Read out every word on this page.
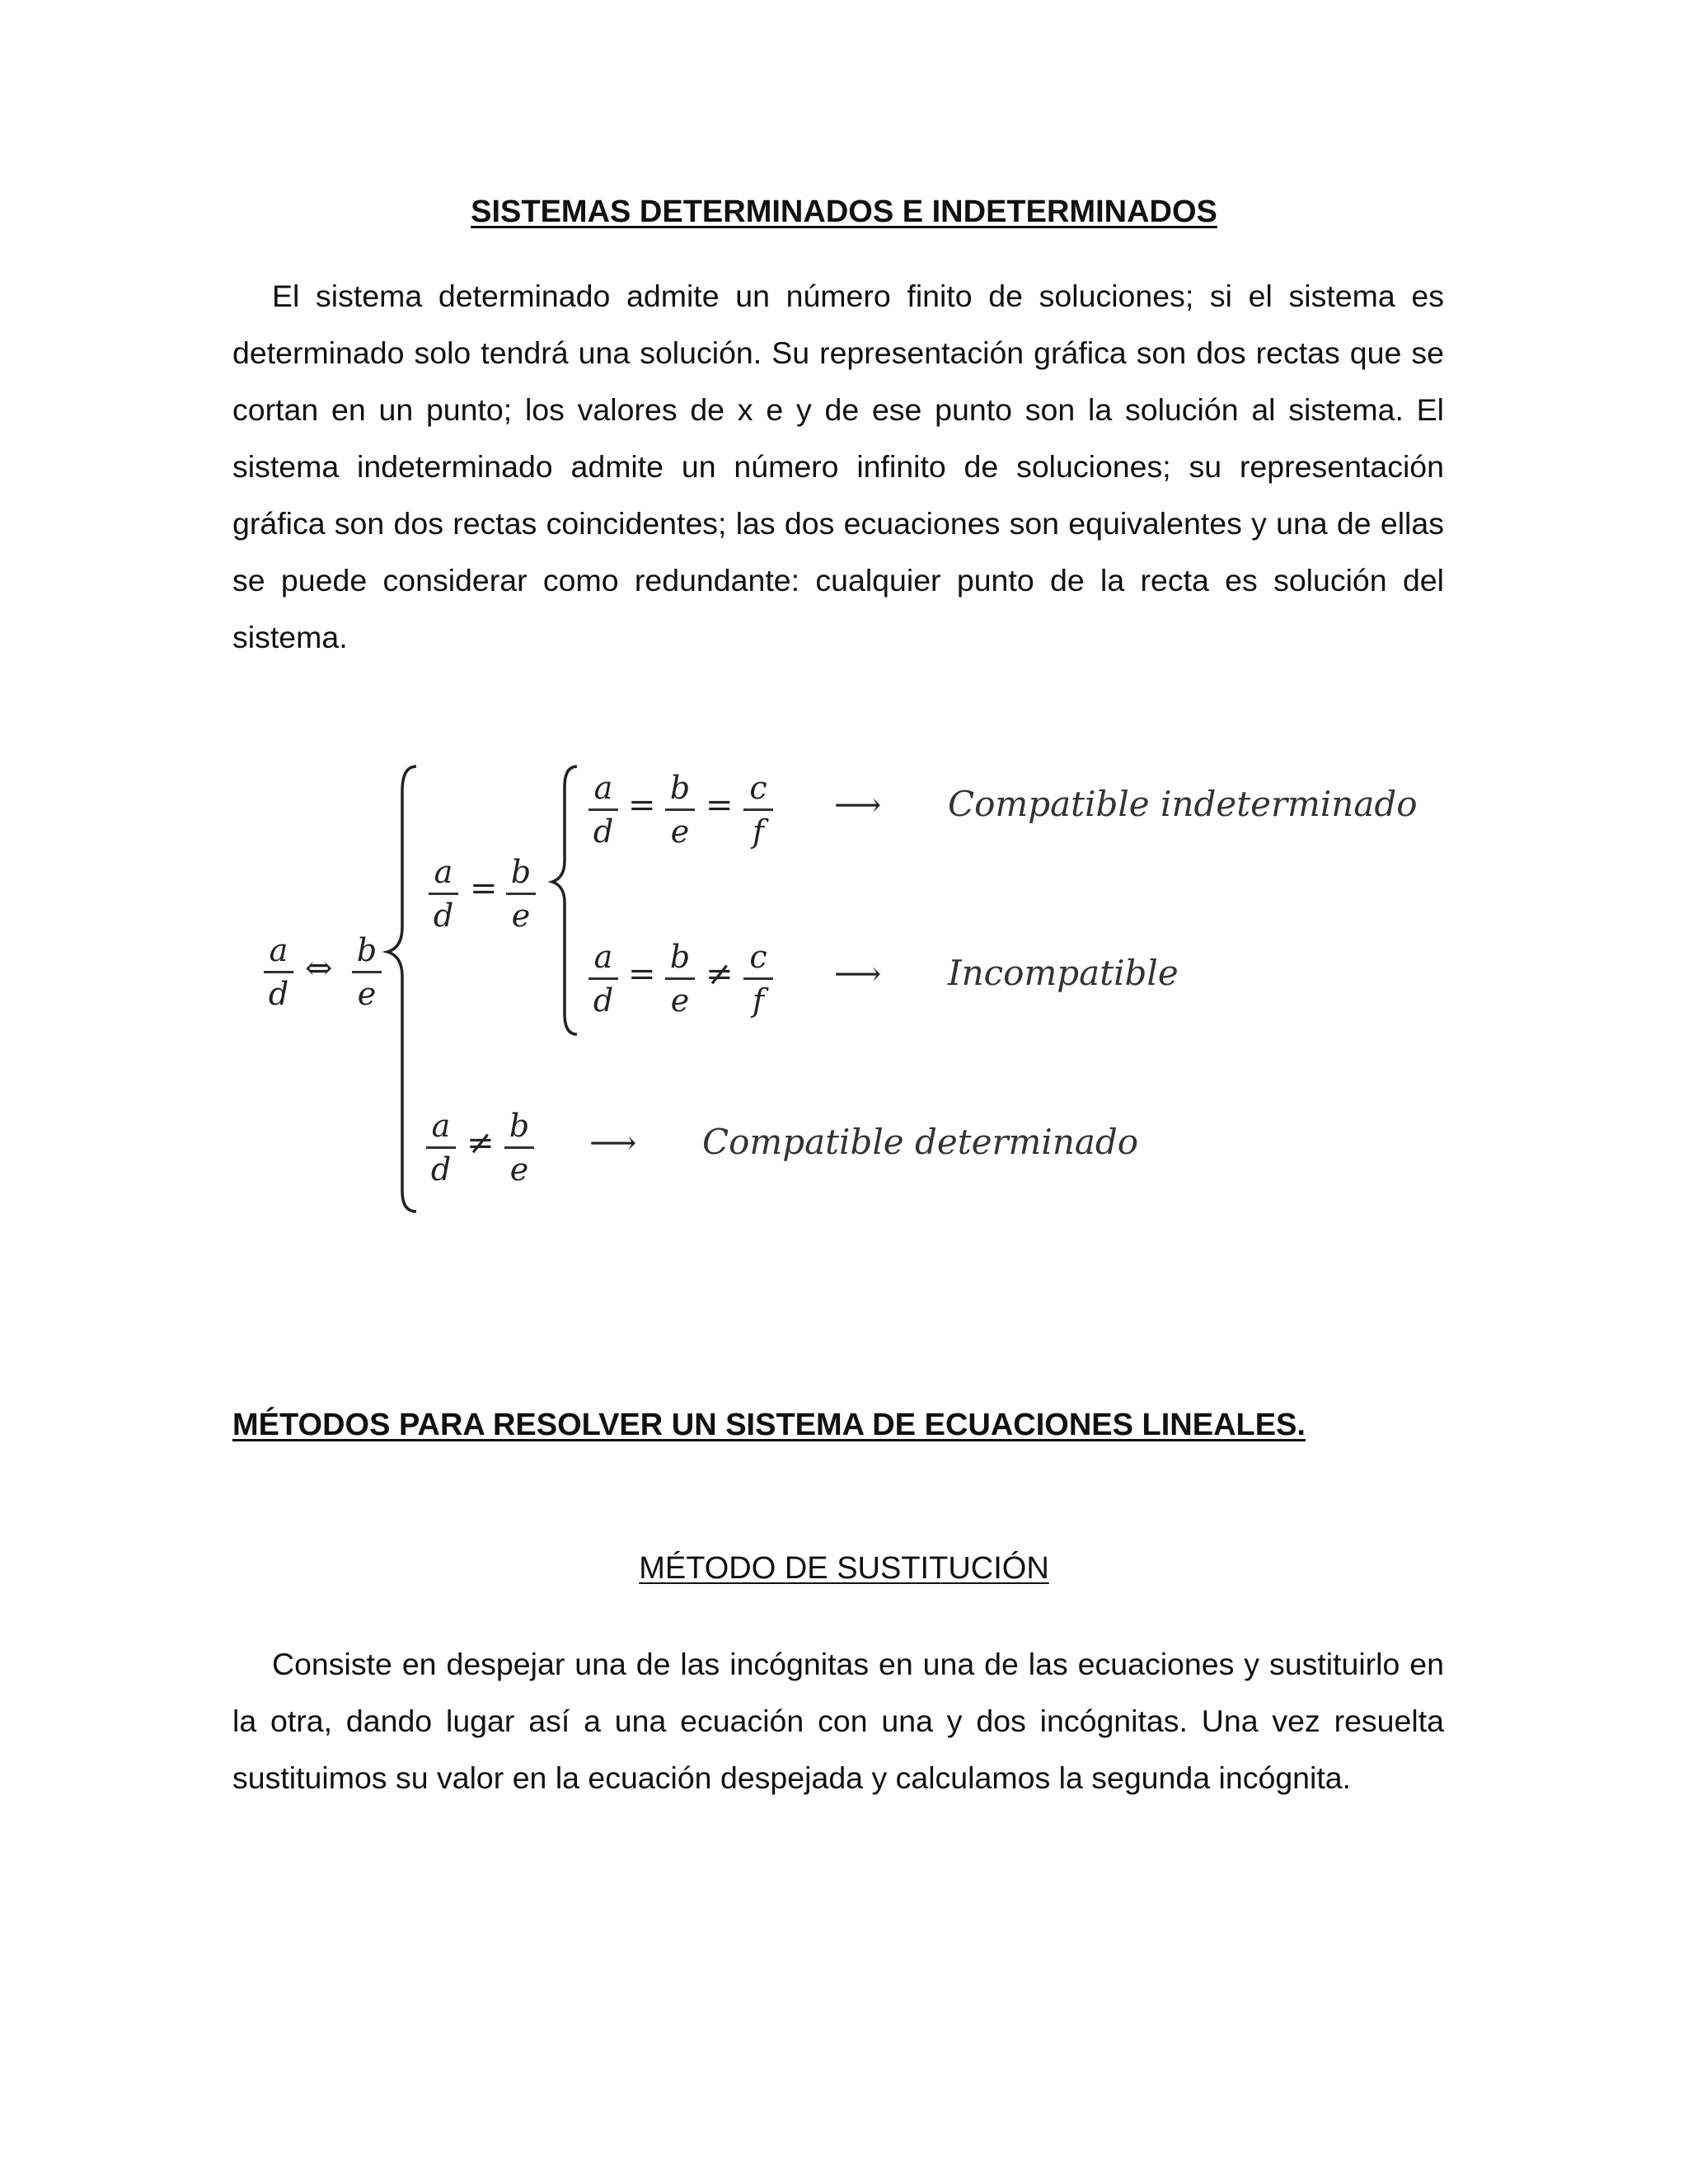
SISTEMAS DETERMINADOS E INDETERMINADOS

El sistema determinado admite un número finito de soluciones; si el sistema es determinado solo tendrá una solución. Su representación gráfica son dos rectas que se cortan en un punto; los valores de x e y de ese punto son la solución al sistema. El sistema indeterminado admite un número infinito de soluciones; su representación gráfica son dos rectas coincidentes; las dos ecuaciones son equivalentes y una de ellas se puede considerar como redundante: cualquier punto de la recta es solución del sistema.

a
d
⇔ b
e
a
d
= b
e
a
d
= b
e
= c
f
⟶ Compatible indeterminado
a
d
= b
e
≠ c
f
⟶ Incompatible
a
d
≠ b
e
⟶ Compatible determinado
MÉTODOS PARA RESOLVER UN SISTEMA DE ECUACIONES LINEALES.
MÉTODO DE SUSTITUCIÓN

Consiste en despejar una de las incógnitas en una de las ecuaciones y sustituirlo en la otra, dando lugar así a una ecuación con una y dos incógnitas. Una vez resuelta sustituimos su valor en la ecuación despejada y calculamos la segunda incógnita.
